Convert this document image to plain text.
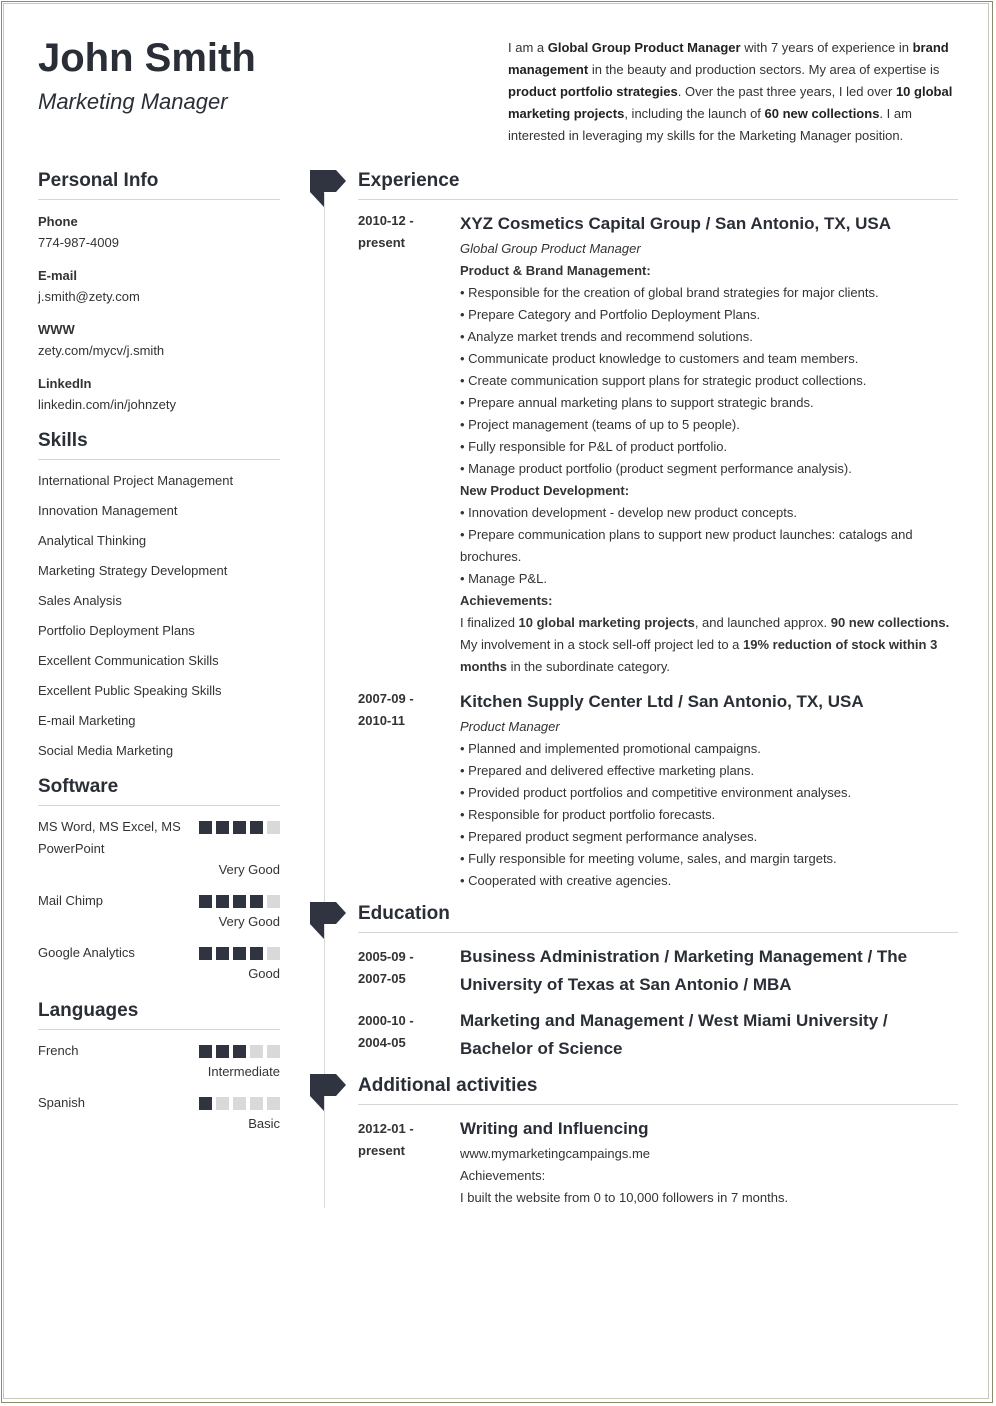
John Smith
Marketing Manager
I am a Global Group Product Manager with 7 years of experience in brand management in the beauty and production sectors. My area of expertise is product portfolio strategies. Over the past three years, I led over 10 global marketing projects, including the launch of 60 new collections. I am interested in leveraging my skills for the Marketing Manager position.
Personal Info
Phone
774-987-4009
E-mail
j.smith@zety.com
WWW
zety.com/mycv/j.smith
LinkedIn
linkedin.com/in/johnzety
Skills
International Project Management
Innovation Management
Analytical Thinking
Marketing Strategy Development
Sales Analysis
Portfolio Deployment Plans
Excellent Communication Skills
Excellent Public Speaking Skills
E-mail Marketing
Social Media Marketing
Software
MS Word, MS Excel, MS PowerPoint
Very Good
Mail Chimp
Very Good
Google Analytics
Good
Languages
French
Intermediate
Spanish
Basic
Experience
2010-12 -
present
XYZ Cosmetics Capital Group / San Antonio, TX, USA
Global Group Product Manager
Product & Brand Management:
• Responsible for the creation of global brand strategies for major clients.
• Prepare Category and Portfolio Deployment Plans.
• Analyze market trends and recommend solutions.
• Communicate product knowledge to customers and team members.
• Create communication support plans for strategic product collections.
• Prepare annual marketing plans to support strategic brands.
• Project management (teams of up to 5 people).
• Fully responsible for P&L of product portfolio.
• Manage product portfolio (product segment performance analysis).
New Product Development:
• Innovation development - develop new product concepts.
• Prepare communication plans to support new product launches: catalogs and brochures.
• Manage P&L.
Achievements:
I finalized 10 global marketing projects, and launched approx. 90 new collections. My involvement in a stock sell-off project led to a 19% reduction of stock within 3 months in the subordinate category.
2007-09 -
2010-11
Kitchen Supply Center Ltd / San Antonio, TX, USA
Product Manager
• Planned and implemented promotional campaigns.
• Prepared and delivered effective marketing plans.
• Provided product portfolios and competitive environment analyses.
• Responsible for product portfolio forecasts.
• Prepared product segment performance analyses.
• Fully responsible for meeting volume, sales, and margin targets.
• Cooperated with creative agencies.
Education
2005-09 -
2007-05
Business Administration / Marketing Management / The University of Texas at San Antonio / MBA
2000-10 -
2004-05
Marketing and Management / West Miami University / Bachelor of Science
Additional activities
2012-01 -
present
Writing and Influencing
www.mymarketingcampaings.me
Achievements:
I built the website from 0 to 10,000 followers in 7 months.
